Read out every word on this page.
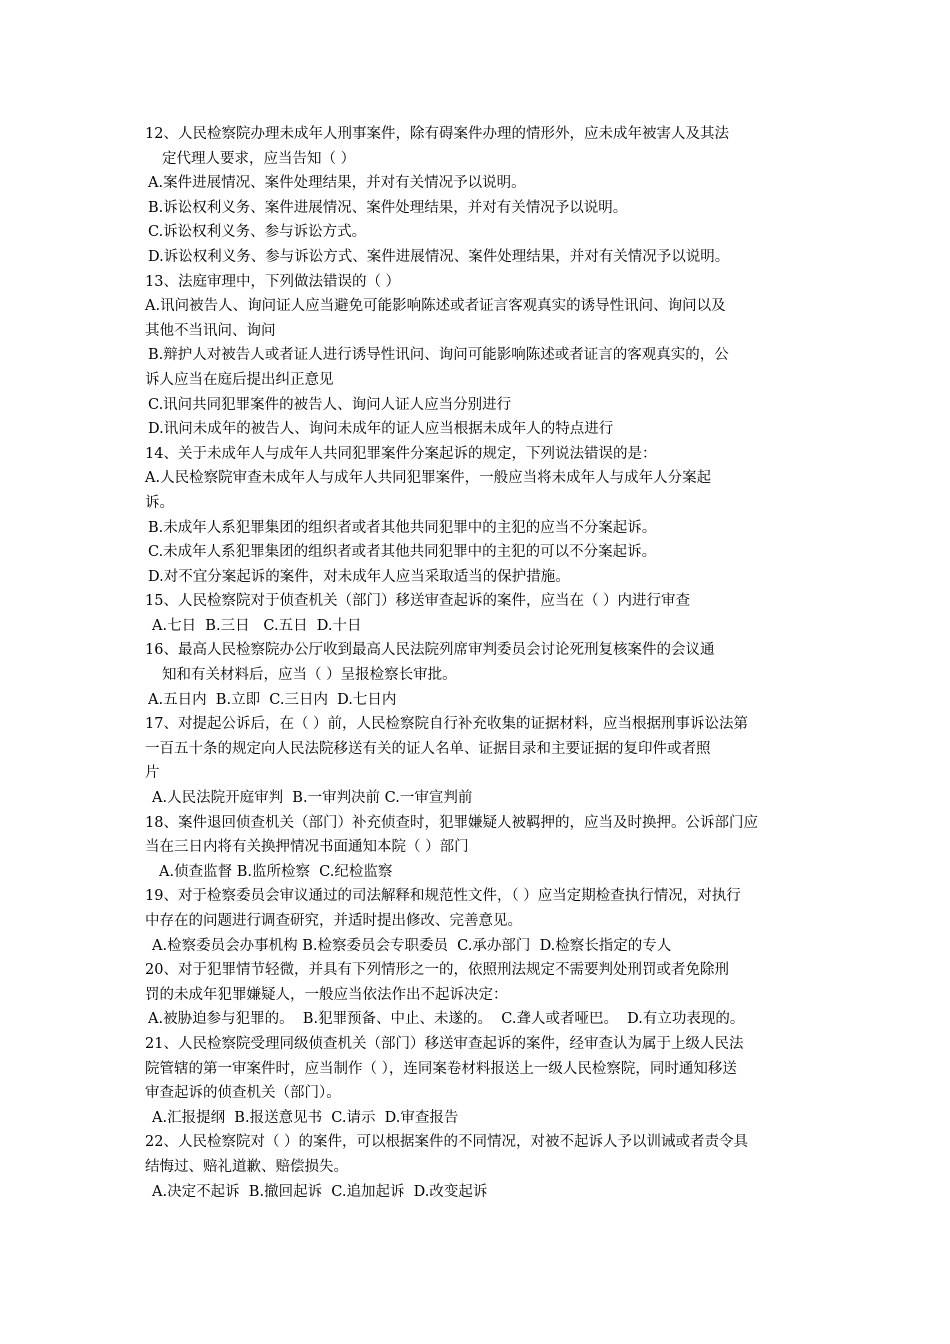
12、人民检察院办理未成年人刑事案件，除有碍案件办理的情形外，应未成年被害人及其法
定代理人要求，应当告知（ ）
A.案件进展情况、案件处理结果，并对有关情况予以说明。
B.诉讼权利义务、案件进展情况、案件处理结果，并对有关情况予以说明。
C.诉讼权利义务、参与诉讼方式。
D.诉讼权利义务、参与诉讼方式、案件进展情况、案件处理结果，并对有关情况予以说明。
13、法庭审理中，下列做法错误的（ ）
A.讯问被告人、询问证人应当避免可能影响陈述或者证言客观真实的诱导性讯问、询问以及
其他不当讯问、询问
B.辩护人对被告人或者证人进行诱导性讯问、询问可能影响陈述或者证言的客观真实的，公
诉人应当在庭后提出纠正意见
C.讯问共同犯罪案件的被告人、询问人证人应当分别进行
D.讯问未成年的被告人、询问未成年的证人应当根据未成年人的特点进行
14、关于未成年人与成年人共同犯罪案件分案起诉的规定，下列说法错误的是：
A.人民检察院审查未成年人与成年人共同犯罪案件，一般应当将未成年人与成年人分案起
诉。
B.未成年人系犯罪集团的组织者或者其他共同犯罪中的主犯的应当不分案起诉。
C.未成年人系犯罪集团的组织者或者其他共同犯罪中的主犯的可以不分案起诉。
D.对不宜分案起诉的案件，对未成年人应当采取适当的保护措施。
15、人民检察院对于侦查机关（部门）移送审查起诉的案件，应当在（ ）内进行审查
A.七日  B.三日   C.五日  D.十日
16、最高人民检察院办公厅收到最高人民法院列席审判委员会讨论死刑复核案件的会议通
知和有关材料后，应当（ ）呈报检察长审批。
A.五日内  B.立即  C.三日内  D.七日内
17、对提起公诉后，在（ ）前，人民检察院自行补充收集的证据材料，应当根据刑事诉讼法第
一百五十条的规定向人民法院移送有关的证人名单、证据目录和主要证据的复印件或者照
片
A.人民法院开庭审判  B.一审判决前 C.一审宣判前
18、案件退回侦查机关（部门）补充侦查时，犯罪嫌疑人被羁押的，应当及时换押。公诉部门应
当在三日内将有关换押情况书面通知本院（ ）部门
A.侦查监督 B.监所检察  C.纪检监察
19、对于检察委员会审议通过的司法解释和规范性文件，（ ）应当定期检查执行情况，对执行
中存在的问题进行调查研究，并适时提出修改、完善意见。
A.检察委员会办事机构 B.检察委员会专职委员  C.承办部门  D.检察长指定的专人
20、对于犯罪情节轻微，并具有下列情形之一的，依照刑法规定不需要判处刑罚或者免除刑
罚的未成年犯罪嫌疑人，一般应当依法作出不起诉决定：
A.被胁迫参与犯罪的。  B.犯罪预备、中止、未遂的。  C.聋人或者哑巴。  D.有立功表现的。
21、人民检察院受理同级侦查机关（部门）移送审查起诉的案件，经审查认为属于上级人民法
院管辖的第一审案件时，应当制作（ ），连同案卷材料报送上一级人民检察院，同时通知移送
审查起诉的侦查机关（部门）。
A.汇报提纲  B.报送意见书  C.请示  D.审查报告
22、人民检察院对（ ）的案件，可以根据案件的不同情况，对被不起诉人予以训诫或者责令具
结悔过、赔礼道歉、赔偿损失。
A.决定不起诉  B.撤回起诉  C.追加起诉  D.改变起诉
